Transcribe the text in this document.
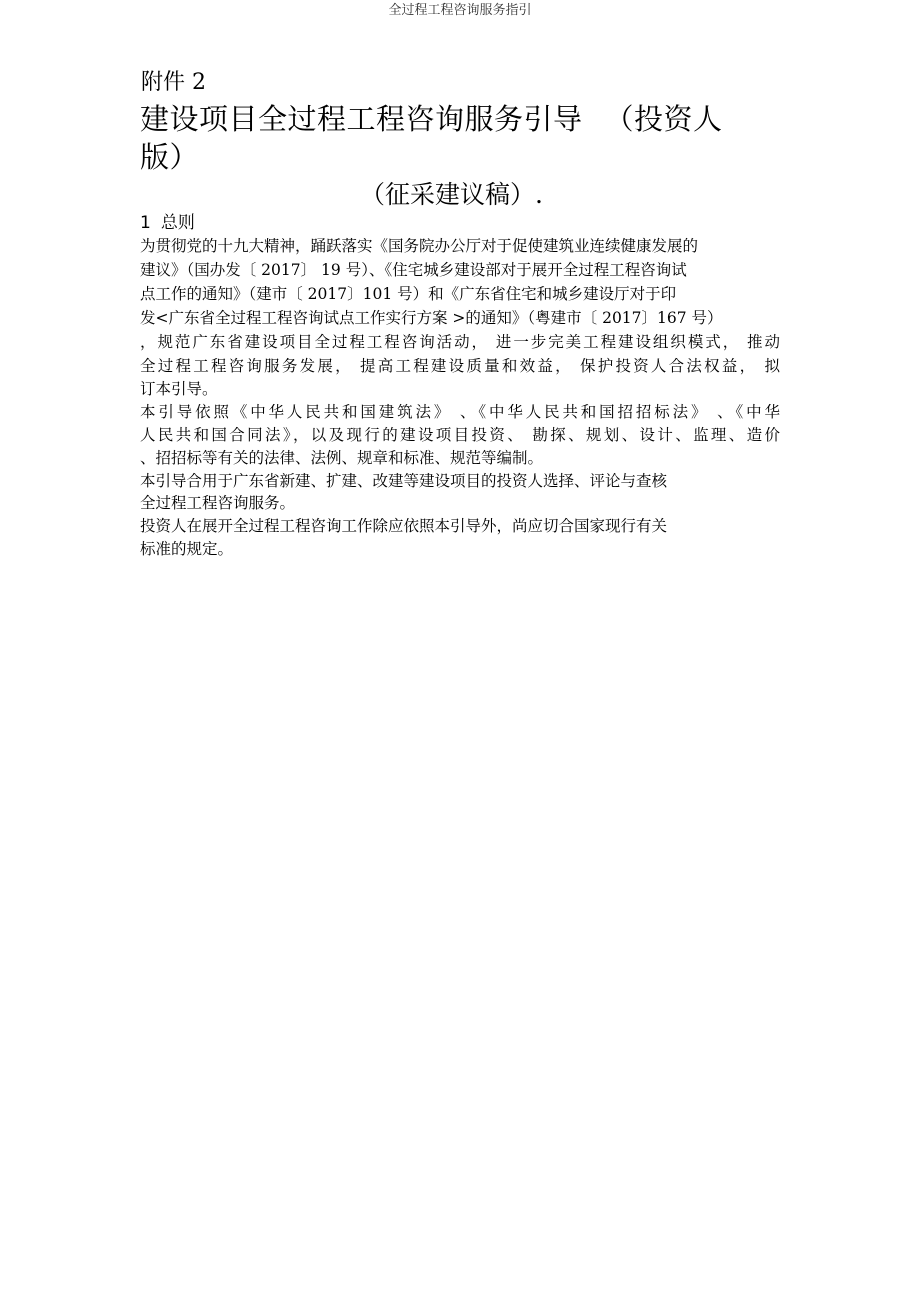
全过程工程咨询服务指引
附件 2
建设项目全过程工程咨询服务引导 （投资人
版）
（征采建议稿）.
1 总则
为贯彻党的十九大精神，踊跃落实《国务院办公厅对于促使建筑业连续健康发展的
建议》（国办发〔 2017〕 19 号）、《住宅城乡建设部对于展开全过程工程咨询试
点工作的通知》（建市〔 2017〕101 号）和《广东省住宅和城乡建设厅对于印
发<广东省全过程工程咨询试点工作实行方案 >的通知》（粤建市〔 2017〕167 号）
，规范广东省建设项目全过程工程咨询活动， 进一步完美工程建设组织模式， 推动
全过程工程咨询服务发展， 提高工程建设质量和效益， 保护投资人合法权益， 拟
订本引导。
本引导依照《中华人民共和国建筑法》 、《中华人民共和国招招标法》 、《中华
人民共和国合同法》，以及现行的建设项目投资、 勘探、规划、设计、监理、造价
、招招标等有关的法律、法例、规章和标准、规范等编制。
本引导合用于广东省新建、扩建、改建等建设项目的投资人选择、评论与查核
全过程工程咨询服务。
投资人在展开全过程工程咨询工作除应依照本引导外，尚应切合国家现行有关
标准的规定。
